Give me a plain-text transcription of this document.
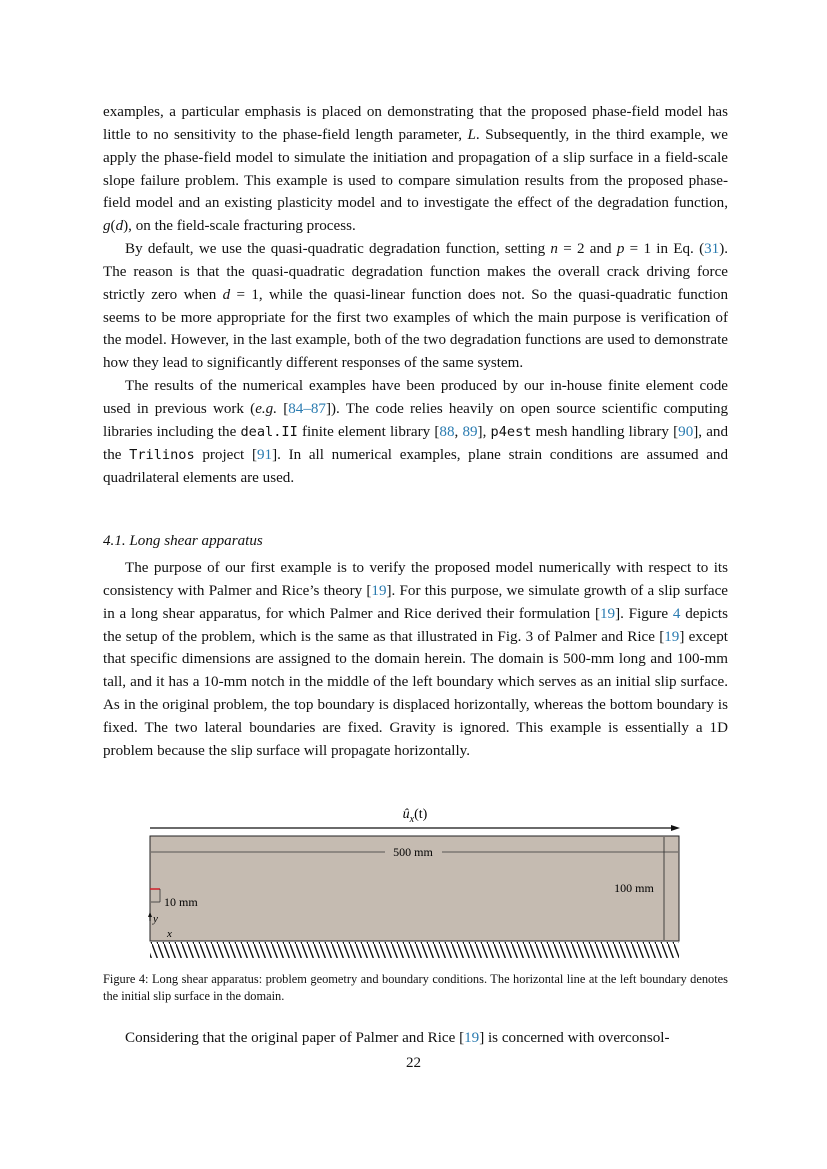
examples, a particular emphasis is placed on demonstrating that the proposed phase-field model has little to no sensitivity to the phase-field length parameter, L. Subsequently, in the third example, we apply the phase-field model to simulate the initiation and propagation of a slip surface in a field-scale slope failure problem. This example is used to compare simulation results from the proposed phase-field model and an existing plasticity model and to investigate the effect of the degradation function, g(d), on the field-scale fracturing process.

By default, we use the quasi-quadratic degradation function, setting n = 2 and p = 1 in Eq. (31). The reason is that the quasi-quadratic degradation function makes the overall crack driving force strictly zero when d = 1, while the quasi-linear function does not. So the quasi-quadratic function seems to be more appropriate for the first two examples of which the main purpose is verification of the model. However, in the last example, both of the two degradation functions are used to demonstrate how they lead to significantly different responses of the same system.

The results of the numerical examples have been produced by our in-house finite element code used in previous work (e.g. [84–87]). The code relies heavily on open source scientific computing libraries including the deal.II finite element library [88, 89], p4est mesh handling library [90], and the Trilinos project [91]. In all numerical examples, plane strain conditions are assumed and quadrilateral elements are used.

4.1. Long shear apparatus

The purpose of our first example is to verify the proposed model numerically with respect to its consistency with Palmer and Rice’s theory [19]. For this purpose, we simulate growth of a slip surface in a long shear apparatus, for which Palmer and Rice derived their formulation [19]. Figure 4 depicts the setup of the problem, which is the same as that illustrated in Fig. 3 of Palmer and Rice [19] except that specific dimensions are assigned to the domain herein. The domain is 500-mm long and 100-mm tall, and it has a 10-mm notch in the middle of the left boundary which serves as an initial slip surface. As in the original problem, the top boundary is displaced horizontally, whereas the bottom boundary is fixed. The two lateral boundaries are fixed. Gravity is ignored. This example is essentially a 1D problem because the slip surface will propagate horizontally.

$û_x(t)$
500 mm
100 mm
10 mm
y
x
Figure 4: Long shear apparatus: problem geometry and boundary conditions. The horizontal line at the left boundary denotes the initial slip surface in the domain.

Considering that the original paper of Palmer and Rice [19] is concerned with overconsol-

22
